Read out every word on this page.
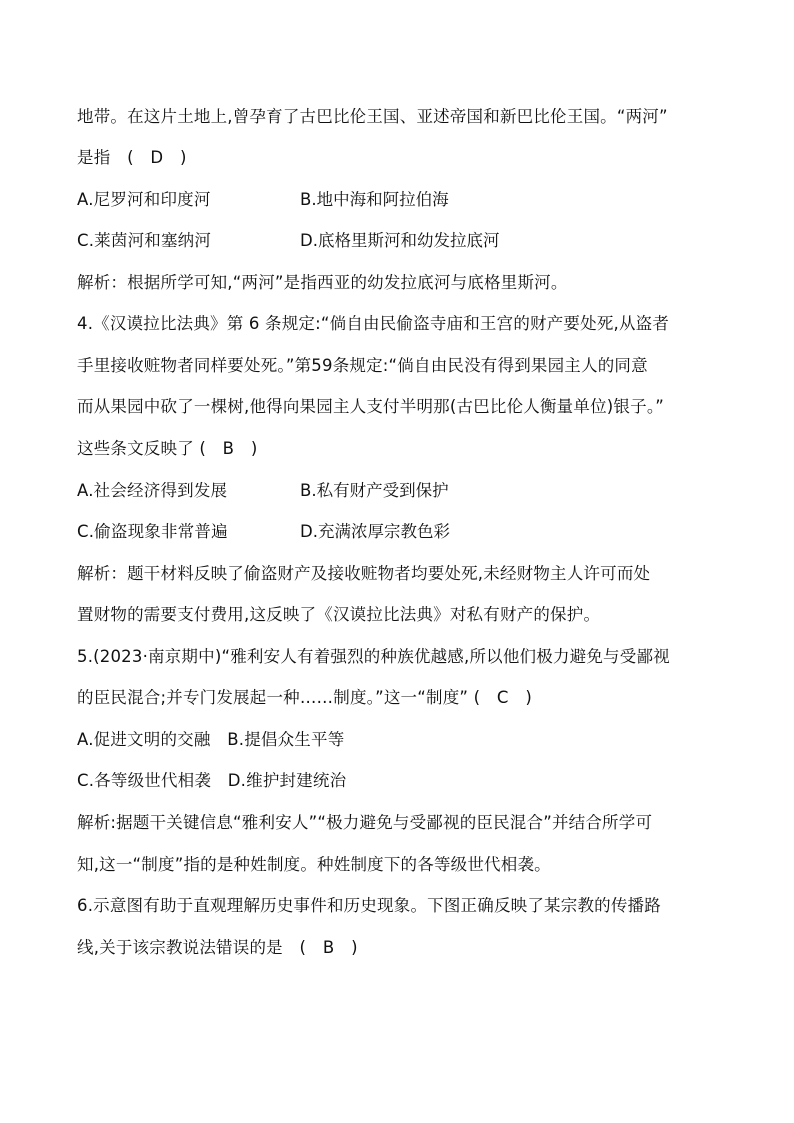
地带。在这片土地上,曾孕育了古巴比伦王国、亚述帝国和新巴比伦王国。“两河”
是指　(　D　)
A.尼罗河和印度河	B.地中海和阿拉伯海
C.莱茵河和塞纳河	D.底格里斯河和幼发拉底河
解析：根据所学可知,“两河”是指西亚的幼发拉底河与底格里斯河。
4.《汉谟拉比法典》第 6 条规定:“倘自由民偷盗寺庙和王宫的财产要处死,从盗者
手里接收赃物者同样要处死。”第59条规定:“倘自由民没有得到果园主人的同意
而从果园中砍了一棵树,他得向果园主人支付半明那(古巴比伦人衡量单位)银子。”
这些条文反映了 (　B　)
A.社会经济得到发展	B.私有财产受到保护
C.偷盗现象非常普遍	D.充满浓厚宗教色彩
解析：题干材料反映了偷盗财产及接收赃物者均要处死,未经财物主人许可而处
置财物的需要支付费用,这反映了《汉谟拉比法典》对私有财产的保护。
5.(2023·南京期中)“雅利安人有着强烈的种族优越感,所以他们极力避免与受鄙视
的臣民混合;并专门发展起一种……制度。”这一“制度” (　C　)
A.促进文明的交融　B.提倡众生平等
C.各等级世代相袭　D.维护封建统治
解析:据题干关键信息“雅利安人”“极力避免与受鄙视的臣民混合”并结合所学可
知,这一“制度”指的是种姓制度。种姓制度下的各等级世代相袭。
6.示意图有助于直观理解历史事件和历史现象。下图正确反映了某宗教的传播路
线,关于该宗教说法错误的是　(　B　)
